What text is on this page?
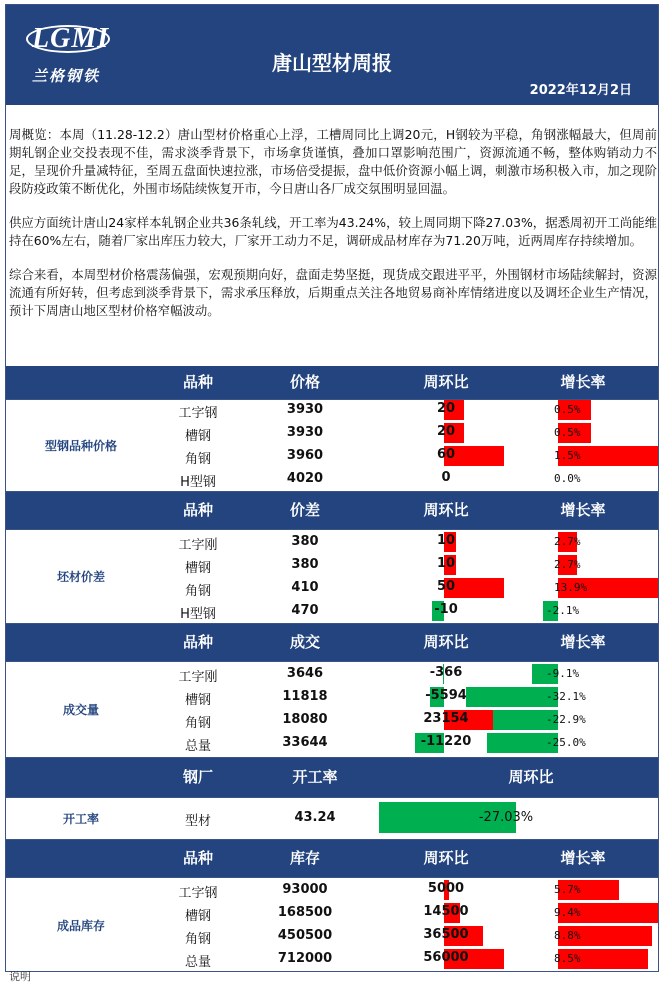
LGMI
兰格钢铁
唐山型材周报
2022年12月2日

周概览：本周（11.28-12.2）唐山型材价格重心上浮，工槽周同比上调20元，H钢较为平稳，角钢涨幅最大，但周前期轧钢企业交投表现不佳，需求淡季背景下，市场拿货谨慎，叠加口罩影响范围广，资源流通不畅，整体购销动力不足，呈现价升量减特征，至周五盘面快速拉涨，市场倍受提振，盘中低价资源小幅上调，刺激市场积极入市，加之现阶段防疫政策不断优化，外围市场陆续恢复开市，今日唐山各厂成交氛围明显回温。

供应方面统计唐山24家样本轧钢企业共36条轧线，开工率为43.24%，较上周同期下降27.03%，据悉周初开工尚能维持在60%左右，随着厂家出库压力较大，厂家开工动力不足，调研成品材库存为71.20万吨，近两周库存持续增加。

综合来看，本周型材价格震荡偏强，宏观预期向好，盘面走势坚挺，现货成交跟进平平，外围钢材市场陆续解封，资源流通有所好转，但考虑到淡季背景下，需求承压释放，后期重点关注各地贸易商补库情绪进度以及调坯企业生产情况，预计下周唐山地区型材价格窄幅波动。

品种	价格	周环比	增长率
型钢品种价格
工字钢	3930	20	0.5%
槽钢	3930	20	0.5%
角钢	3960	60	1.5%
H型钢	4020	0	0.0%
品种	价差	周环比	增长率
坯材价差
工字刚	380	10	2.7%
槽钢	380	10	2.7%
角钢	410	50	13.9%
H型钢	470	-10	-2.1%
品种	成交	周环比	增长率
成交量
工字刚	3646	-366	-9.1%
槽钢	11818	-5594	-32.1%
角钢	18080	23154	-22.9%
总量	33644	-11220	-25.0%
钢厂	开工率	周环比
开工率	型材	43.24	-27.03%
品种	库存	周环比	增长率
成品库存
工字钢	93000	5000	5.7%
槽钢	168500	14500	9.4%
角钢	450500	36500	8.8%
总量	712000	56000	8.5%
说明
